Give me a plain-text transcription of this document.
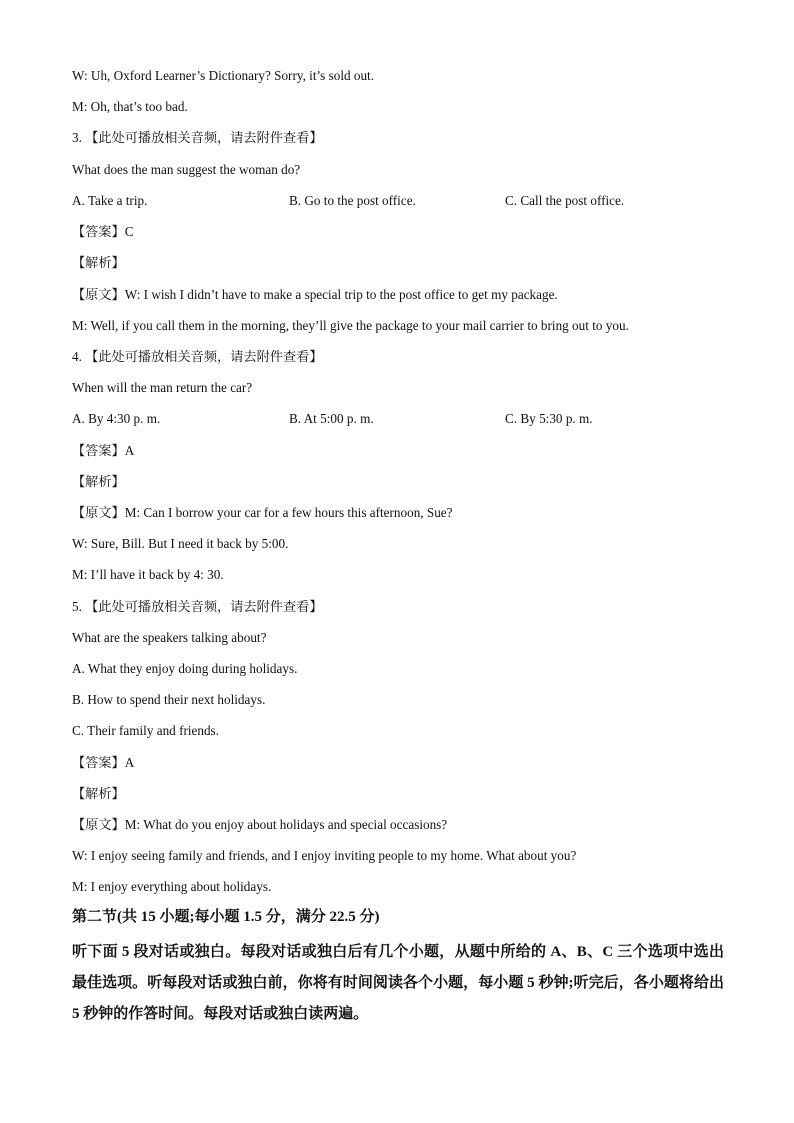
W: Uh, Oxford Learner’s Dictionary? Sorry, it’s sold out.
M: Oh, that’s too bad.
3. 【此处可播放相关音频，请去附件查看】
What does the man suggest the woman do?
A. Take a trip.	B. Go to the post office.	C. Call the post office.
【答案】C
【解析】
【原文】W: I wish I didn’t have to make a special trip to the post office to get my package.
M: Well, if you call them in the morning, they’ll give the package to your mail carrier to bring out to you.
4. 【此处可播放相关音频，请去附件查看】
When will the man return the car?
A. By 4:30 p. m.	B. At 5:00 p. m.	C. By 5:30 p. m.
【答案】A
【解析】
【原文】M: Can I borrow your car for a few hours this afternoon, Sue?
W: Sure, Bill. But I need it back by 5:00.
M: I’ll have it back by 4: 30.
5. 【此处可播放相关音频，请去附件查看】
What are the speakers talking about?
A. What they enjoy doing during holidays.
B. How to spend their next holidays.
C. Their family and friends.
【答案】A
【解析】
【原文】M: What do you enjoy about holidays and special occasions?
W: I enjoy seeing family and friends, and I enjoy inviting people to my home. What about you?
M: I enjoy everything about holidays.
第二节(共 15 小题;每小题 1.5 分，满分 22.5 分)
听下面 5 段对话或独白。每段对话或独白后有几个小题，从题中所给的 A、B、C 三个选项中选出最佳选项。听每段对话或独白前，你将有时间阅读各个小题，每小题 5 秒钟;听完后，各小题将给出 5 秒钟的作答时间。每段对话或独白读两遍。
